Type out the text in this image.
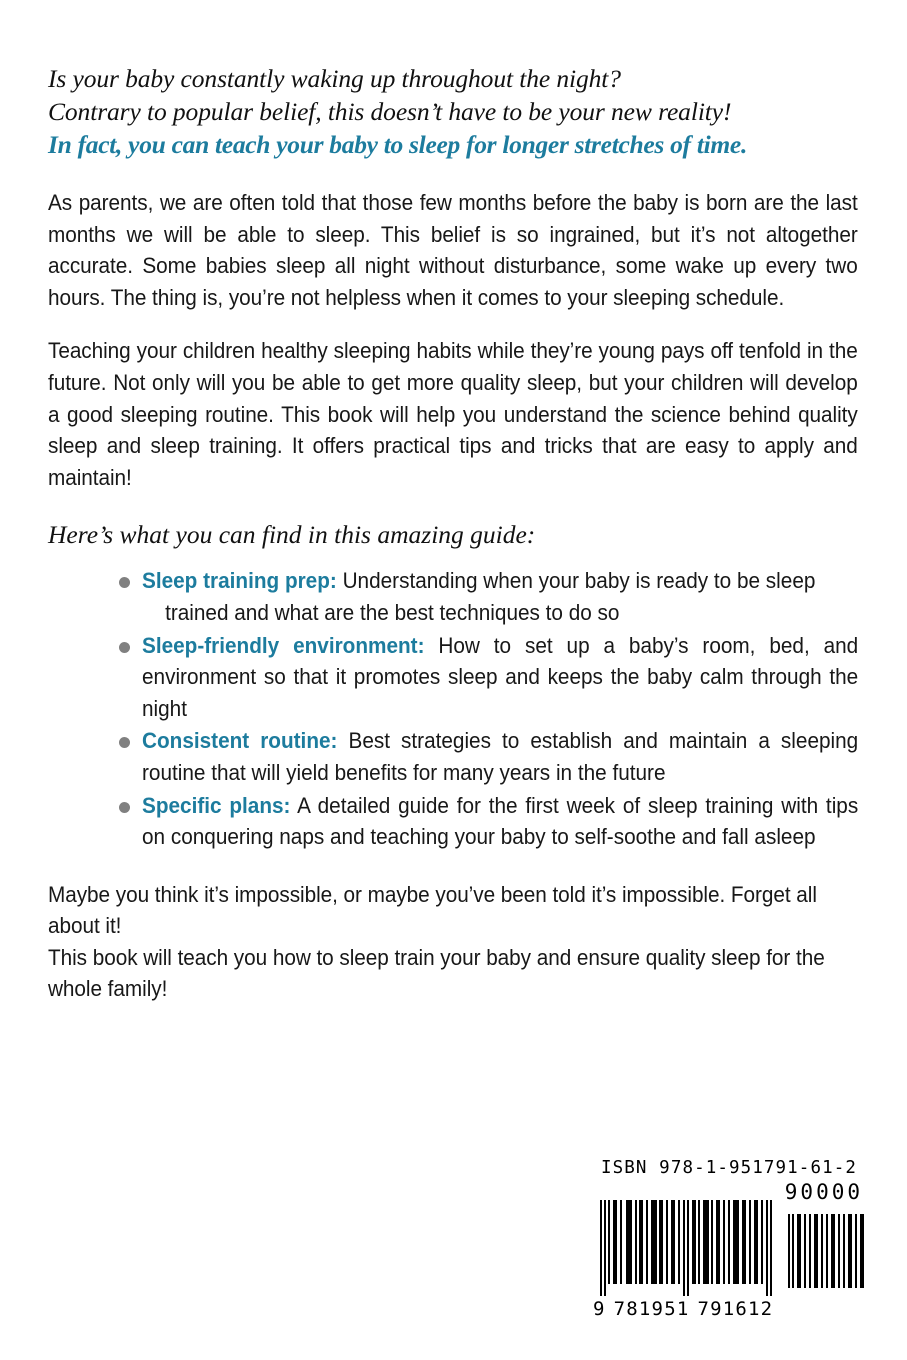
Is your baby constantly waking up throughout the night?
Contrary to popular belief, this doesn’t have to be your new reality!
In fact, you can teach your baby to sleep for longer stretches of time.

As parents, we are often told that those few months before the baby is born are the last months we will be able to sleep. This belief is so ingrained, but it’s not altogether accurate. Some babies sleep all night without disturbance, some wake up every two hours. The thing is, you’re not helpless when it comes to your sleeping schedule.

Teaching your children healthy sleeping habits while they’re young pays off tenfold in the future. Not only will you be able to get more quality sleep, but your children will develop a good sleeping routine. This book will help you understand the science behind quality sleep and sleep training. It offers practical tips and tricks that are easy to apply and maintain!

Here’s what you can find in this amazing guide:
Sleep training prep: Understanding when your baby is ready to be sleep    trained and what are the best techniques to do so
Sleep-friendly environment: How to set up a baby’s room, bed, and environment so that it promotes sleep and keeps the baby calm through the night
Consistent routine: Best strategies to establish and maintain a sleeping routine that will yield benefits for many years in the future
Specific plans: A detailed guide for the first week of sleep training with tips on conquering naps and teaching your baby to self-soothe and fall asleep

Maybe you think it’s impossible, or maybe you’ve been told it’s impossible. Forget all about it!

This book will teach you how to sleep train your baby and ensure quality sleep for the whole family!

ISBN 978-1-951791-61-2
90000
9 781951 791612
